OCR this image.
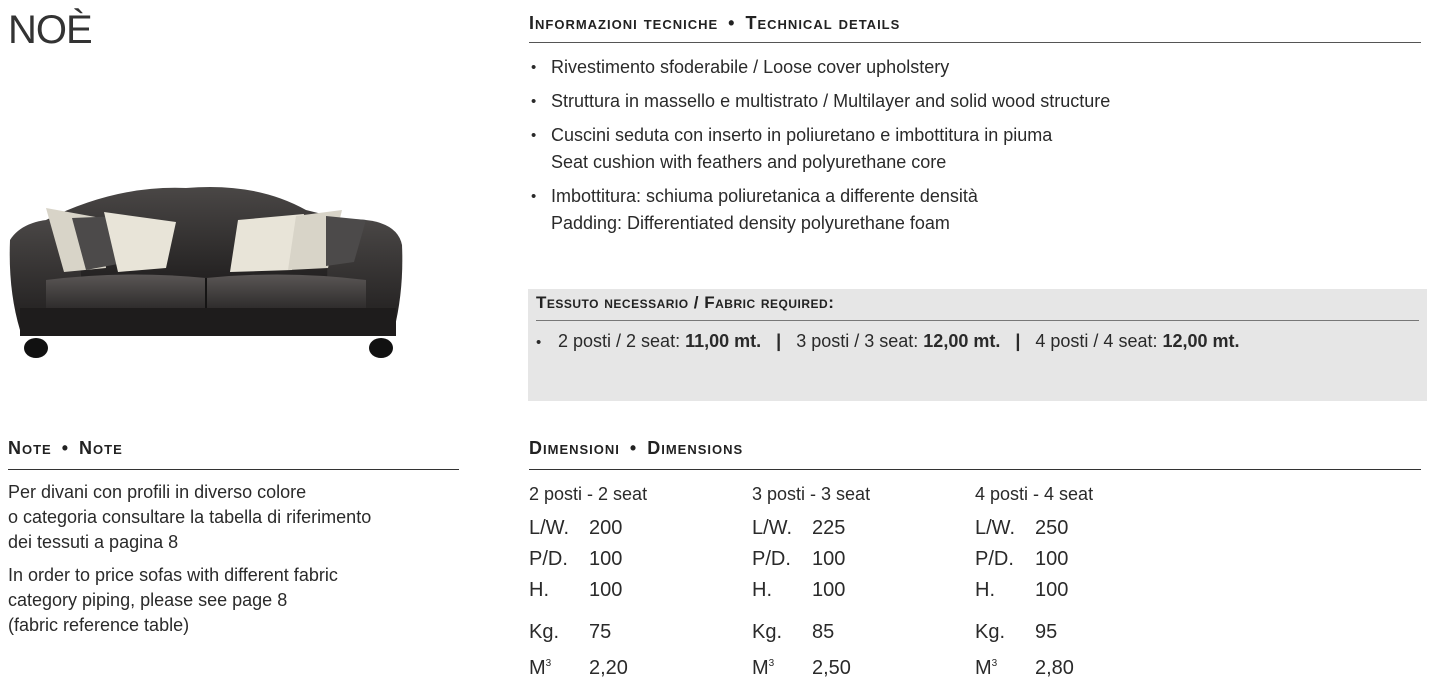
NOÈ	Informazioni tecniche • Technical details
• Rivestimento sfoderabile / Loose cover upholstery
• Struttura in massello e multistrato / Multilayer and solid wood structure
• Cuscini seduta con inserto in poliuretano e imbottitura in piuma
Seat cushion with feathers and polyurethane core
• Imbottitura: schiuma poliuretanica a differente densità
Padding: Differentiated density polyurethane foam
Tessuto necessario / Fabric required:
• 2 posti / 2 seat: 11,00 mt. | 3 posti / 3 seat: 12,00 mt. | 4 posti / 4 seat: 12,00 mt.
Note • Note

Per divani con profili in diverso colore
o categoria consultare la tabella di riferimento
dei tessuti a pagina 8

In order to price sofas with different fabric
category piping, please see page 8
(fabric reference table)

Dimensioni • Dimensions
2 posti - 2 seat
L/W. 200
P/D. 100
H. 100
Kg. 75
$M^3$ 2,20
3 posti - 3 seat
L/W. 225
P/D. 100
H. 100
Kg. 85
$M^3$ 2,50
4 posti - 4 seat
L/W. 250
P/D. 100
H. 100
Kg. 95
$M^3$ 2,80
